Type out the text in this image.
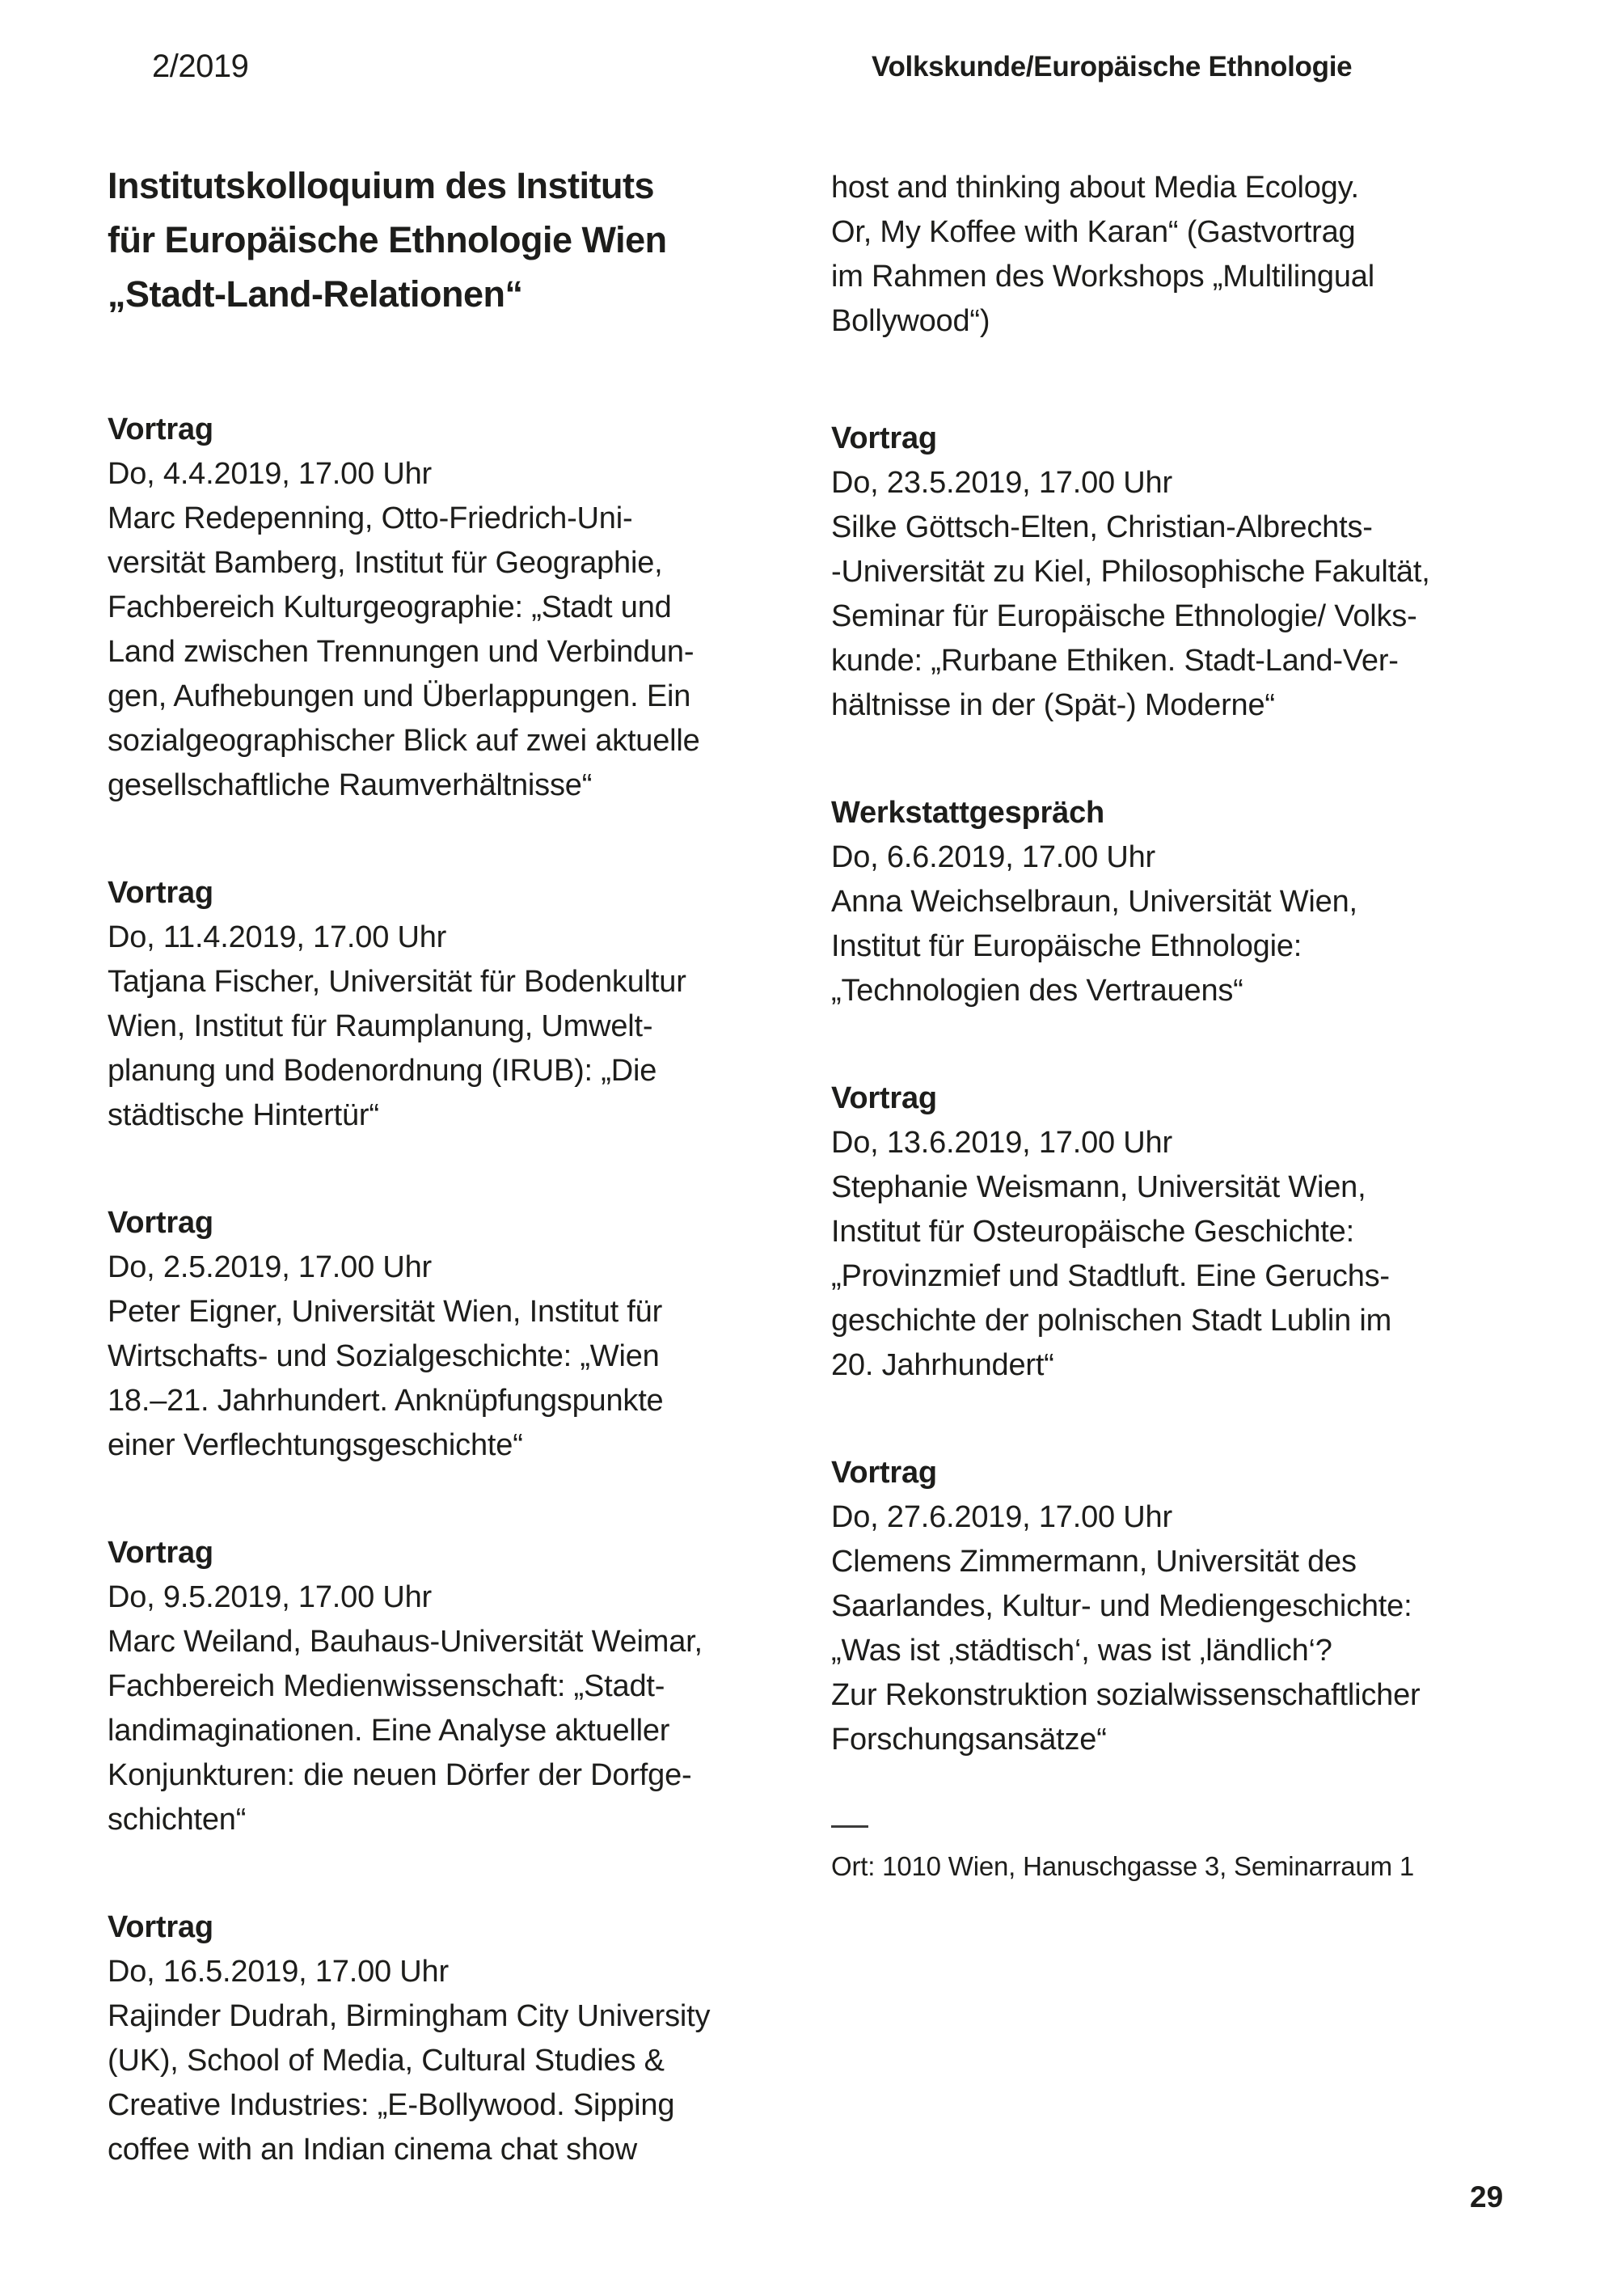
2/2019	Volkskunde/Europäische Ethnologie
Institutskolloquium des Instituts
für Europäische Ethnologie Wien
„Stadt-Land-Relationen“
Vortrag
Do, 4.4.2019, 17.00 Uhr
Marc Redepenning, Otto-Friedrich-Uni-
versität Bamberg, Institut für Geographie,
Fachbereich Kulturgeographie: „Stadt und
Land zwischen Trennungen und Verbindun-
gen, Aufhebungen und Überlappungen. Ein
sozialgeographischer Blick auf zwei aktuelle
gesellschaftliche Raumverhältnisse“
Vortrag
Do, 11.4.2019, 17.00 Uhr
Tatjana Fischer, Universität für Bodenkultur
Wien, Institut für Raumplanung, Umwelt-
planung und Bodenordnung (IRUB): „Die
städtische Hintertür“
Vortrag
Do, 2.5.2019, 17.00 Uhr
Peter Eigner, Universität Wien, Institut für
Wirtschafts- und Sozialgeschichte: „Wien
18.–21. Jahrhundert. Anknüpfungspunkte
einer Verflechtungsgeschichte“
Vortrag
Do, 9.5.2019, 17.00 Uhr
Marc Weiland, Bauhaus-Universität Weimar,
Fachbereich Medienwissenschaft: „Stadt-
landimaginationen. Eine Analyse aktueller
Konjunkturen: die neuen Dörfer der Dorfge-
schichten“
Vortrag
Do, 16.5.2019, 17.00 Uhr
Rajinder Dudrah, Birmingham City University
(UK), School of Media, Cultural Studies &
Creative Industries: „E-Bollywood. Sipping
coffee with an Indian cinema chat show
host and thinking about Media Ecology.
Or, My Koffee with Karan“ (Gastvortrag
im Rahmen des Workshops „Multilingual
Bollywood“)
Vortrag
Do, 23.5.2019, 17.00 Uhr
Silke Göttsch-Elten, Christian-Albrechts-
-Universität zu Kiel, Philosophische Fakultät,
Seminar für Europäische Ethnologie/ Volks-
kunde: „Rurbane Ethiken. Stadt-Land-Ver-
hältnisse in der (Spät-) Moderne“
Werkstattgespräch
Do, 6.6.2019, 17.00 Uhr
Anna Weichselbraun, Universität Wien,
Institut für Europäische Ethnologie:
„Technologien des Vertrauens“
Vortrag
Do, 13.6.2019, 17.00 Uhr
Stephanie Weismann, Universität Wien,
Institut für Osteuropäische Geschichte:
„Provinzmief und Stadtluft. Eine Geruchs-
geschichte der polnischen Stadt Lublin im
20. Jahrhundert“
Vortrag
Do, 27.6.2019, 17.00 Uhr
Clemens Zimmermann, Universität des
Saarlandes, Kultur- und Mediengeschichte:
„Was ist ‚städtisch‘, was ist ‚ländlich‘?
Zur Rekonstruktion sozialwissenschaftlicher
Forschungsansätze“
Ort: 1010 Wien, Hanuschgasse 3, Seminarraum 1
29
